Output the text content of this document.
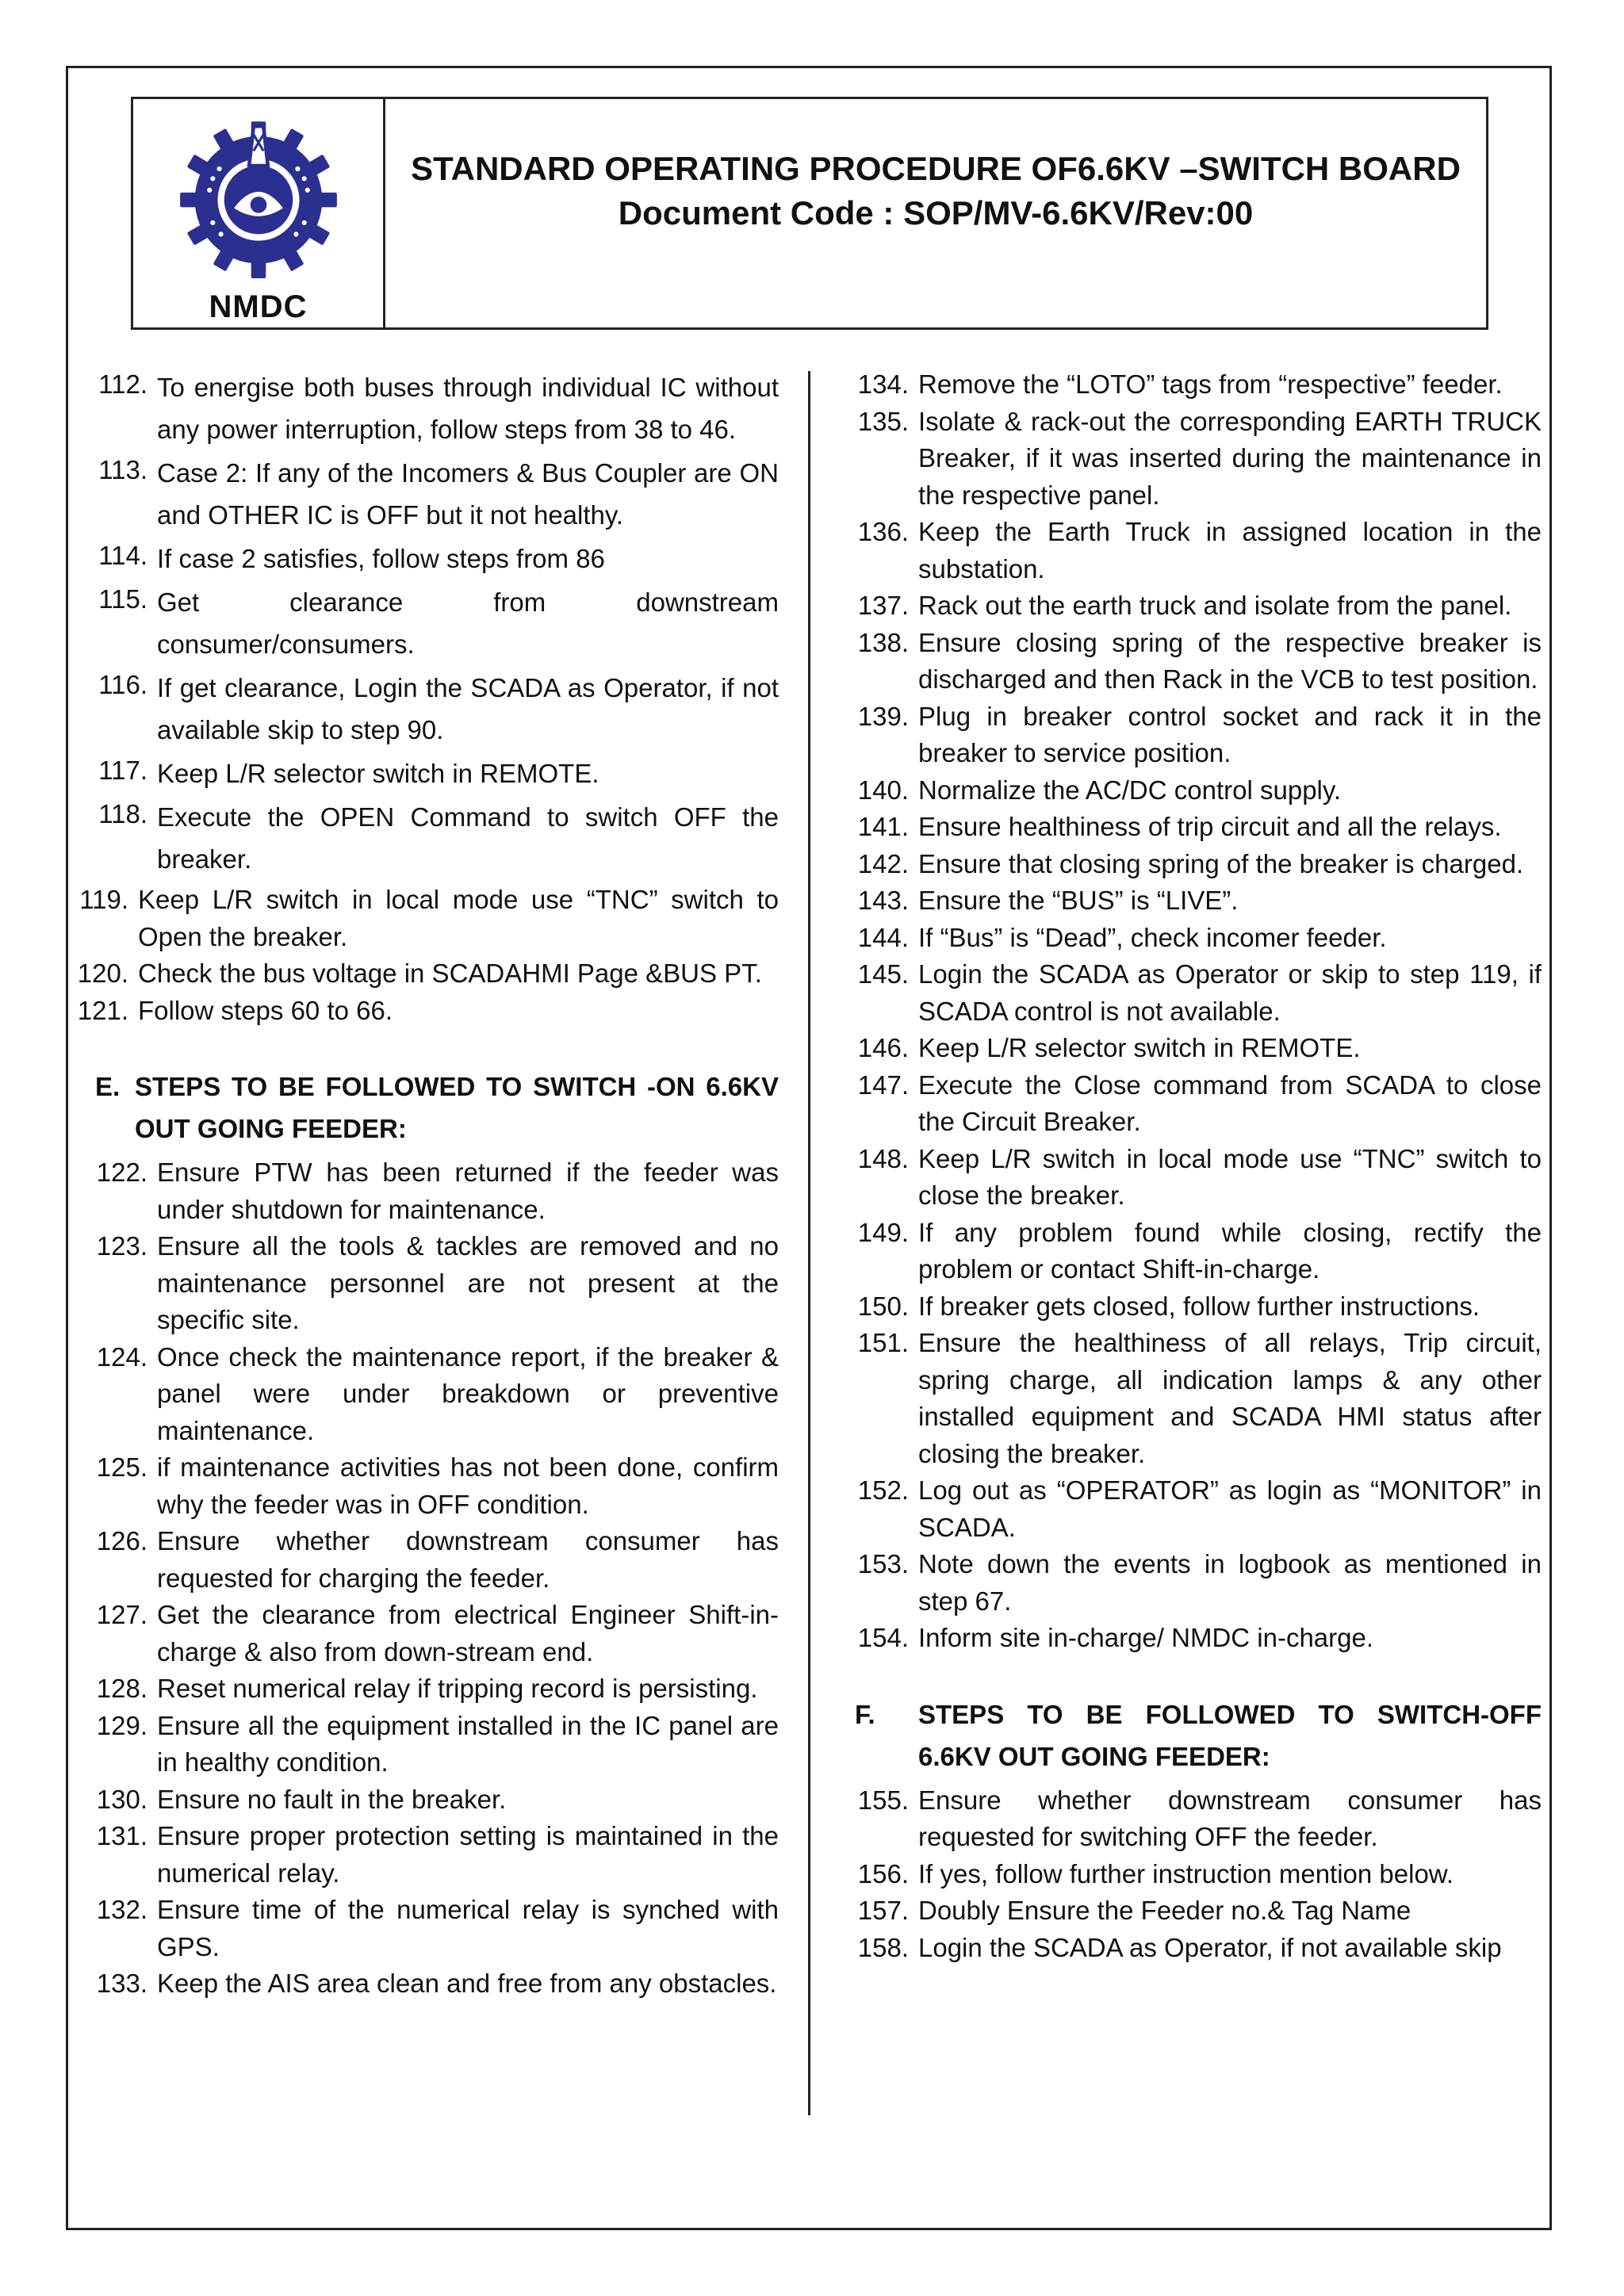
NMDC
STANDARD OPERATING PROCEDURE OF6.6KV –SWITCH BOARD
Document Code : SOP/MV-6.6KV/Rev:00
112. To energise both buses through individual IC without any power interruption, follow steps from 38 to 46.
113. Case 2: If any of the Incomers & Bus Coupler are ON and OTHER IC is OFF but it not healthy.
114. If case 2 satisfies, follow steps from 86
115. Get clearance from downstream consumer/consumers.
116. If get clearance, Login the SCADA as Operator, if not available skip to step 90.
117. Keep L/R selector switch in REMOTE.
118. Execute the OPEN Command to switch OFF the breaker.
119. Keep L/R switch in local mode use “TNC” switch to Open the breaker.
120. Check the bus voltage in SCADAHMI Page &BUS PT.
121. Follow steps 60 to 66.
E. STEPS TO BE FOLLOWED TO SWITCH -ON 6.6KV OUT GOING FEEDER:
122. Ensure PTW has been returned if the feeder was under shutdown for maintenance.
123. Ensure all the tools & tackles are removed and no maintenance personnel are not present at the specific site.
124. Once check the maintenance report, if the breaker & panel were under breakdown or preventive maintenance.
125. if maintenance activities has not been done, confirm why the feeder was in OFF condition.
126. Ensure whether downstream consumer has requested for charging the feeder.
127. Get the clearance from electrical Engineer Shift-in-charge & also from down-stream end.
128. Reset numerical relay if tripping record is persisting.
129. Ensure all the equipment installed in the IC panel are in healthy condition.
130. Ensure no fault in the breaker.
131. Ensure proper protection setting is maintained in the numerical relay.
132. Ensure time of the numerical relay is synched with GPS.
133. Keep the AIS area clean and free from any obstacles.
134. Remove the “LOTO” tags from “respective” feeder.
135. Isolate & rack-out the corresponding EARTH TRUCK Breaker, if it was inserted during the maintenance in the respective panel.
136. Keep the Earth Truck in assigned location in the substation.
137. Rack out the earth truck and isolate from the panel.
138. Ensure closing spring of the respective breaker is discharged and then Rack in the VCB to test position.
139. Plug in breaker control socket and rack it in the breaker to service position.
140. Normalize the AC/DC control supply.
141. Ensure healthiness of trip circuit and all the relays.
142. Ensure that closing spring of the breaker is charged.
143. Ensure the “BUS” is “LIVE”.
144. If “Bus” is “Dead”, check incomer feeder.
145. Login the SCADA as Operator or skip to step 119, if SCADA control is not available.
146. Keep L/R selector switch in REMOTE.
147. Execute the Close command from SCADA to close the Circuit Breaker.
148. Keep L/R switch in local mode use “TNC” switch to close the breaker.
149. If any problem found while closing, rectify the problem or contact Shift-in-charge.
150. If breaker gets closed, follow further instructions.
151. Ensure the healthiness of all relays, Trip circuit, spring charge, all indication lamps & any other installed equipment and SCADA HMI status after closing the breaker.
152. Log out as “OPERATOR” as login as “MONITOR” in SCADA.
153. Note down the events in logbook as mentioned in step 67.
154. Inform site in-charge/ NMDC in-charge.
F.	STEPS TO BE FOLLOWED TO SWITCH-OFF 6.6KV OUT GOING FEEDER:
155. Ensure whether downstream consumer has requested for switching OFF the feeder.
156. If yes, follow further instruction mention below.
157. Doubly Ensure the Feeder no.& Tag Name
158. Login the SCADA as Operator, if not available skip
